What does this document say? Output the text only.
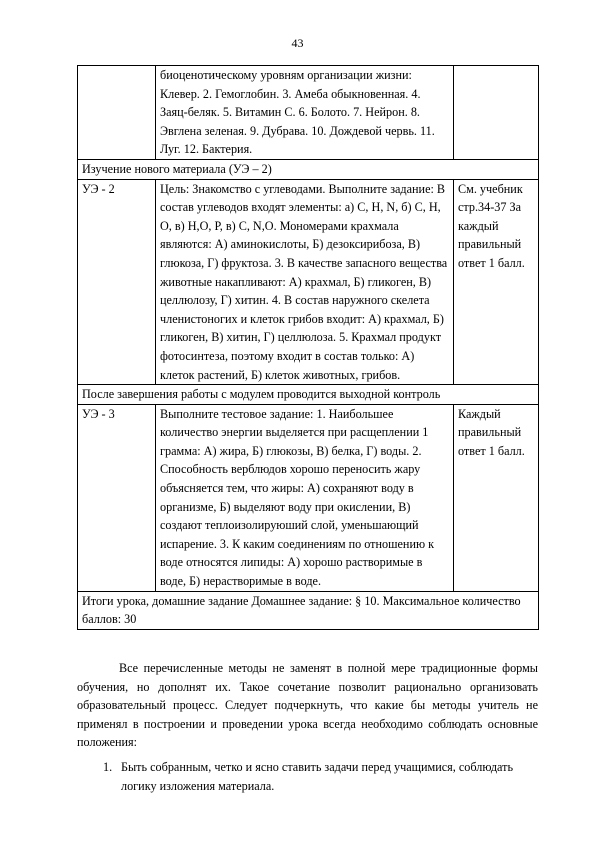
43
	биоценотическому уровням организации жизни: Клевер. 2. Гемоглобин. 3. Амеба обыкновенная. 4. Заяц-беляк. 5. Витамин С. 6. Болото. 7. Нейрон. 8. Эвглена зеленая. 9. Дубрава. 10. Дождевой червь. 11. Луг. 12. Бактерия.	
Изучение нового материала (УЭ – 2)		
УЭ - 2	Цель: Знакомство с углеводами. Выполните задание: В состав углеводов входят элементы: а) С, Н, N, б) С, Н, О, в) Н,О, Р, в) С, N,О. Мономерами крахмала являются: А) аминокислоты, Б) дезоксирибоза, В) глюкоза, Г) фруктоза. 3. В качестве запасного вещества животные накапливают: А) крахмал, Б) гликоген, В) целлюлозу, Г) хитин. 4. В состав наружного скелета членистоногих и клеток грибов входит: А) крахмал, Б) гликоген, В) хитин, Г) целлюлоза. 5. Крахмал продукт фотосинтеза, поэтому входит в состав только: А) клеток растений, Б) клеток животных, грибов.	См. учебник стр.34-37 За каждый правильный ответ 1 балл.
После завершения работы с модулем проводится выходной контроль		
УЭ - 3	Выполните тестовое задание: 1. Наибольшее количество энергии выделяется при расщеплении 1 грамма: А) жира, Б) глюкозы, В) белка, Г) воды. 2. Способность верблюдов хорошо переносить жару объясняется тем, что жиры: А) сохраняют воду в организме, Б) выделяют воду при окислении, В) создают теплоизолируюший слой, уменьшающий испарение. 3. К каким соединениям по отношению к воде относятся липиды: А) хорошо растворимые в воде, Б) нерастворимые в воде.	Каждый правильный ответ 1 балл.
Итоги урока, домашние задание Домашнее задание: § 10. Максимальное количество баллов: 30		

Все перечисленные методы не заменят в полной мере традиционные формы обучения, но дополнят их. Такое сочетание позволит рационально организовать образовательный процесс. Следует подчеркнуть, что какие бы методы учитель не применял в построении и проведении урока всегда необходимо соблюдать основные положения:

1. Быть собранным, четко и ясно ставить задачи перед учащимися, соблюдать логику изложения материала.
